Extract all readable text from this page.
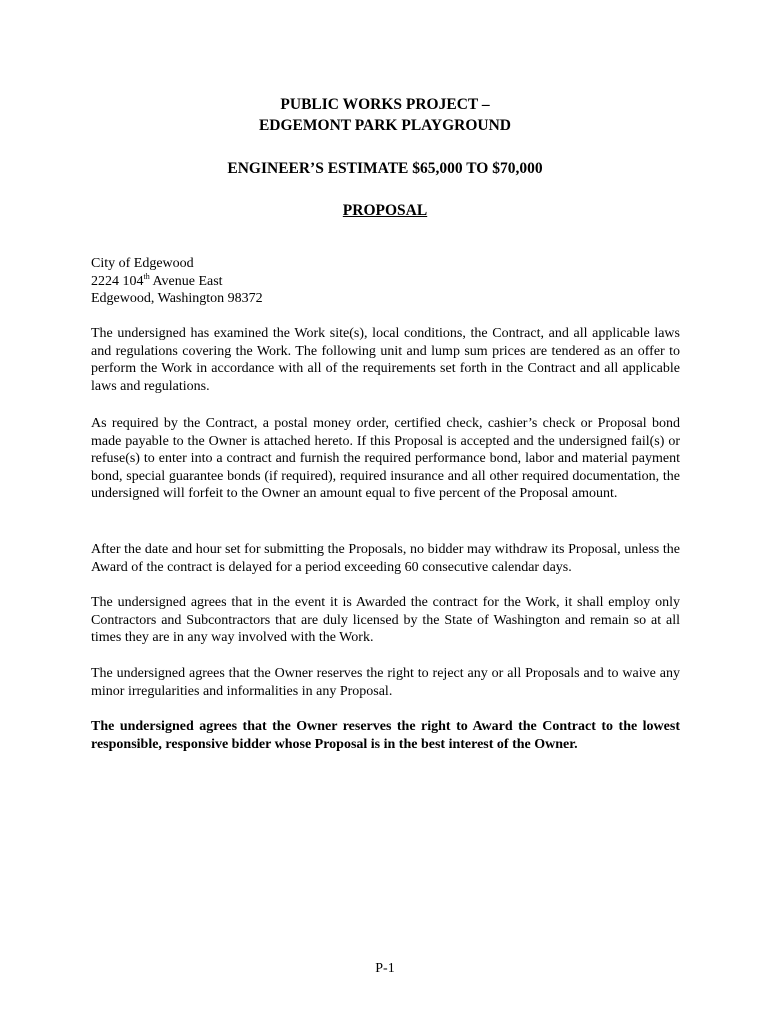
PUBLIC WORKS PROJECT –
EDGEMONT PARK PLAYGROUND
ENGINEER’S ESTIMATE $65,000 TO $70,000
PROPOSAL
City of Edgewood
2224 104th Avenue East
Edgewood, Washington 98372
The undersigned has examined the Work site(s), local conditions, the Contract, and all applicable laws and regulations covering the Work. The following unit and lump sum prices are tendered as an offer to perform the Work in accordance with all of the requirements set forth in the Contract and all applicable laws and regulations.
As required by the Contract, a postal money order, certified check, cashier’s check or Proposal bond made payable to the Owner is attached hereto. If this Proposal is accepted and the undersigned fail(s) or refuse(s) to enter into a contract and furnish the required performance bond, labor and material payment bond, special guarantee bonds (if required), required insurance and all other required documentation, the undersigned will forfeit to the Owner an amount equal to five percent of the Proposal amount.
After the date and hour set for submitting the Proposals, no bidder may withdraw its Proposal, unless the Award of the contract is delayed for a period exceeding 60 consecutive calendar days.
The undersigned agrees that in the event it is Awarded the contract for the Work, it shall employ only Contractors and Subcontractors that are duly licensed by the State of Washington and remain so at all times they are in any way involved with the Work.
The undersigned agrees that the Owner reserves the right to reject any or all Proposals and to waive any minor irregularities and informalities in any Proposal.
The undersigned agrees that the Owner reserves the right to Award the Contract to the lowest responsible, responsive bidder whose Proposal is in the best interest of the Owner.
P-1
